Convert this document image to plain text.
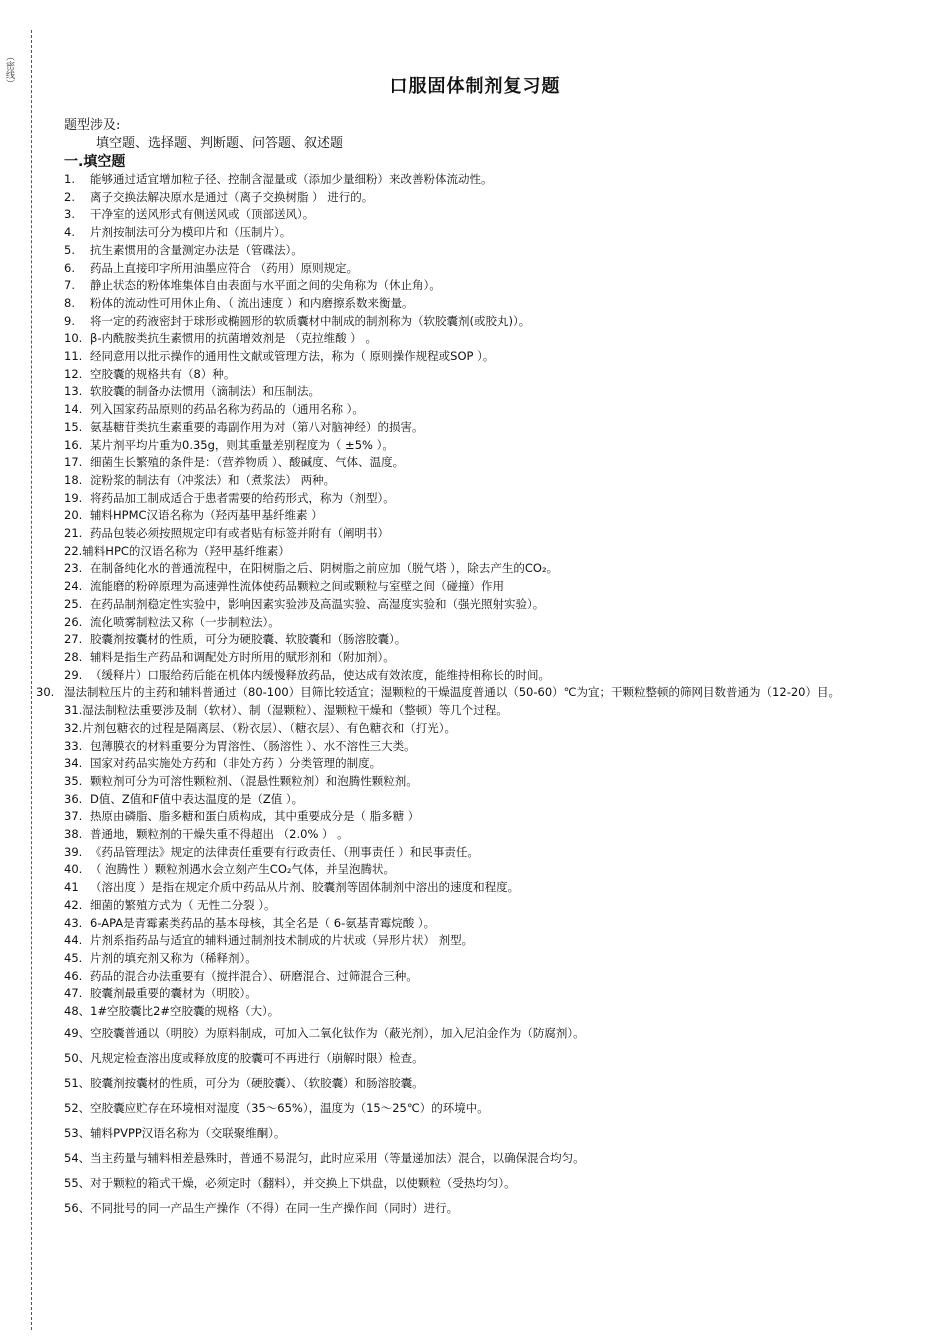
（密线）	口服固体制剂复习题
题型涉及:
填空题、选择题、判断题、问答题、叙述题
一.填空题
1. 能够通过适宜增加粒子径、控制含湿量或（添加少量细粉）来改善粉体流动性。
2. 离子交换法解决原水是通过（离子交换树脂 ） 进行的。
3. 干净室的送风形式有侧送风或（顶部送风）。
4. 片剂按制法可分为模印片和（压制片）。
5. 抗生素惯用的含量测定办法是（管碟法）。
6. 药品上直接印字所用油墨应符合 （药用）原则规定。
7. 静止状态的粉体堆集体自由表面与水平面之间的尖角称为（休止角）。
8. 粉体的流动性可用休止角、（ 流出速度 ）和内磨擦系数来衡量。
9. 将一定的药液密封于球形或椭圆形的软质囊材中制成的制剂称为（软胶囊剂(或胶丸)）。
10. β-内酰胺类抗生素惯用的抗菌增效剂是 （克拉维酸 ） 。
11. 经同意用以批示操作的通用性文献或管理方法，称为（ 原则操作规程或SOP ）。
12. 空胶囊的规格共有（8）种。
13. 软胶囊的制备办法惯用（滴制法）和压制法。
14. 列入国家药品原则的药品名称为药品的（通用名称 ）。
15. 氨基糖苷类抗生素重要的毒副作用为对（第八对脑神经）的损害。
16. 某片剂平均片重为0.35g，则其重量差别程度为（ ±5% ）。
17. 细菌生长繁殖的条件是：（营养物质 ）、酸碱度、气体、温度。
18. 淀粉浆的制法有（冲浆法）和（煮浆法） 两种。
19. 将药品加工制成适合于患者需要的给药形式，称为（剂型）。
20. 辅料HPMC汉语名称为（羟丙基甲基纤维素 ）
21. 药品包装必须按照规定印有或者贴有标签并附有（阐明书）
22.辅料HPC的汉语名称为（羟甲基纤维素）
23. 在制备纯化水的普通流程中，在阳树脂之后、阴树脂之前应加（脱气塔 ），除去产生的CO₂。
24. 流能磨的粉碎原理为高速弹性流体使药品颗粒之间或颗粒与室壁之间（碰撞）作用
25. 在药品制剂稳定性实验中，影响因素实验涉及高温实验、高湿度实验和（强光照射实验）。
26. 流化喷雾制粒法又称（一步制粒法）。
27. 胶囊剂按囊材的性质，可分为硬胶囊、软胶囊和（肠溶胶囊）。
28. 辅料是指生产药品和调配处方时所用的赋形剂和（附加剂）。
29. （缓释片）口服给药后能在机体内缓慢释放药品，使达成有效浓度，能维持相称长的时间。
30. 湿法制粒压片的主药和辅料普通过（80-100）目筛比较适宜；湿颗粒的干燥温度普通以（50-60）℃为宜；干颗粒整顿的筛网目数普通为（12-20）目。
31.湿法制粒法重要涉及制（软材）、制（湿颗粒）、湿颗粒干燥和（整顿）等几个过程。
32.片剂包糖衣的过程是隔离层、（粉衣层）、（糖衣层）、有色糖衣和（打光）。
33. 包薄膜衣的材料重要分为胃溶性、（肠溶性 ）、水不溶性三大类。
34. 国家对药品实施处方药和（非处方药 ）分类管理的制度。
35. 颗粒剂可分为可溶性颗粒剂、（混悬性颗粒剂）和泡腾性颗粒剂。
36. D值、Z值和F值中表达温度的是（Z值 ）。
37. 热原由磷脂、脂多糖和蛋白质构成，其中重要成分是（ 脂多糖 ）
38. 普通地，颗粒剂的干燥失重不得超出 （2.0% ） 。
39. 《药品管理法》规定的法律责任重要有行政责任、（刑事责任 ）和民事责任。
40. （ 泡腾性 ）颗粒剂遇水会立刻产生CO₂气体，并呈泡腾状。
41 （溶出度 ）是指在规定介质中药品从片剂、胶囊剂等固体制剂中溶出的速度和程度。
42. 细菌的繁殖方式为（ 无性二分裂 ）。
43. 6-APA是青霉素类药品的基本母核，其全名是（ 6-氨基青霉烷酸 ）。
44. 片剂系指药品与适宜的辅料通过制剂技术制成的片状或（异形片状） 剂型。
45. 片剂的填充剂又称为（稀释剂）。
46. 药品的混合办法重要有（搅拌混合）、研磨混合、过筛混合三种。
47. 胶囊剂最重要的囊材为（明胶）。
48、1#空胶囊比2#空胶囊的规格（大）。
49、空胶囊普通以（明胶）为原料制成，可加入二氧化钛作为（蔽光剂），加入尼泊金作为（防腐剂）。
50、凡规定检查溶出度或释放度的胶囊可不再进行（崩解时限）检查。
51、胶囊剂按囊材的性质，可分为（硬胶囊）、（软胶囊）和肠溶胶囊。
52、空胶囊应贮存在环境相对湿度（35～65%），温度为（15～25℃）的环境中。
53、辅料PVPP汉语名称为（交联聚维酮）。
54、当主药量与辅料相差悬殊时，普通不易混匀，此时应采用（等量递加法）混合，以确保混合均匀。
55、对于颗粒的箱式干燥，必须定时（翻料），并交换上下烘盘，以使颗粒（受热均匀）。
56、不同批号的同一产品生产操作（不得）在同一生产操作间（同时）进行。
